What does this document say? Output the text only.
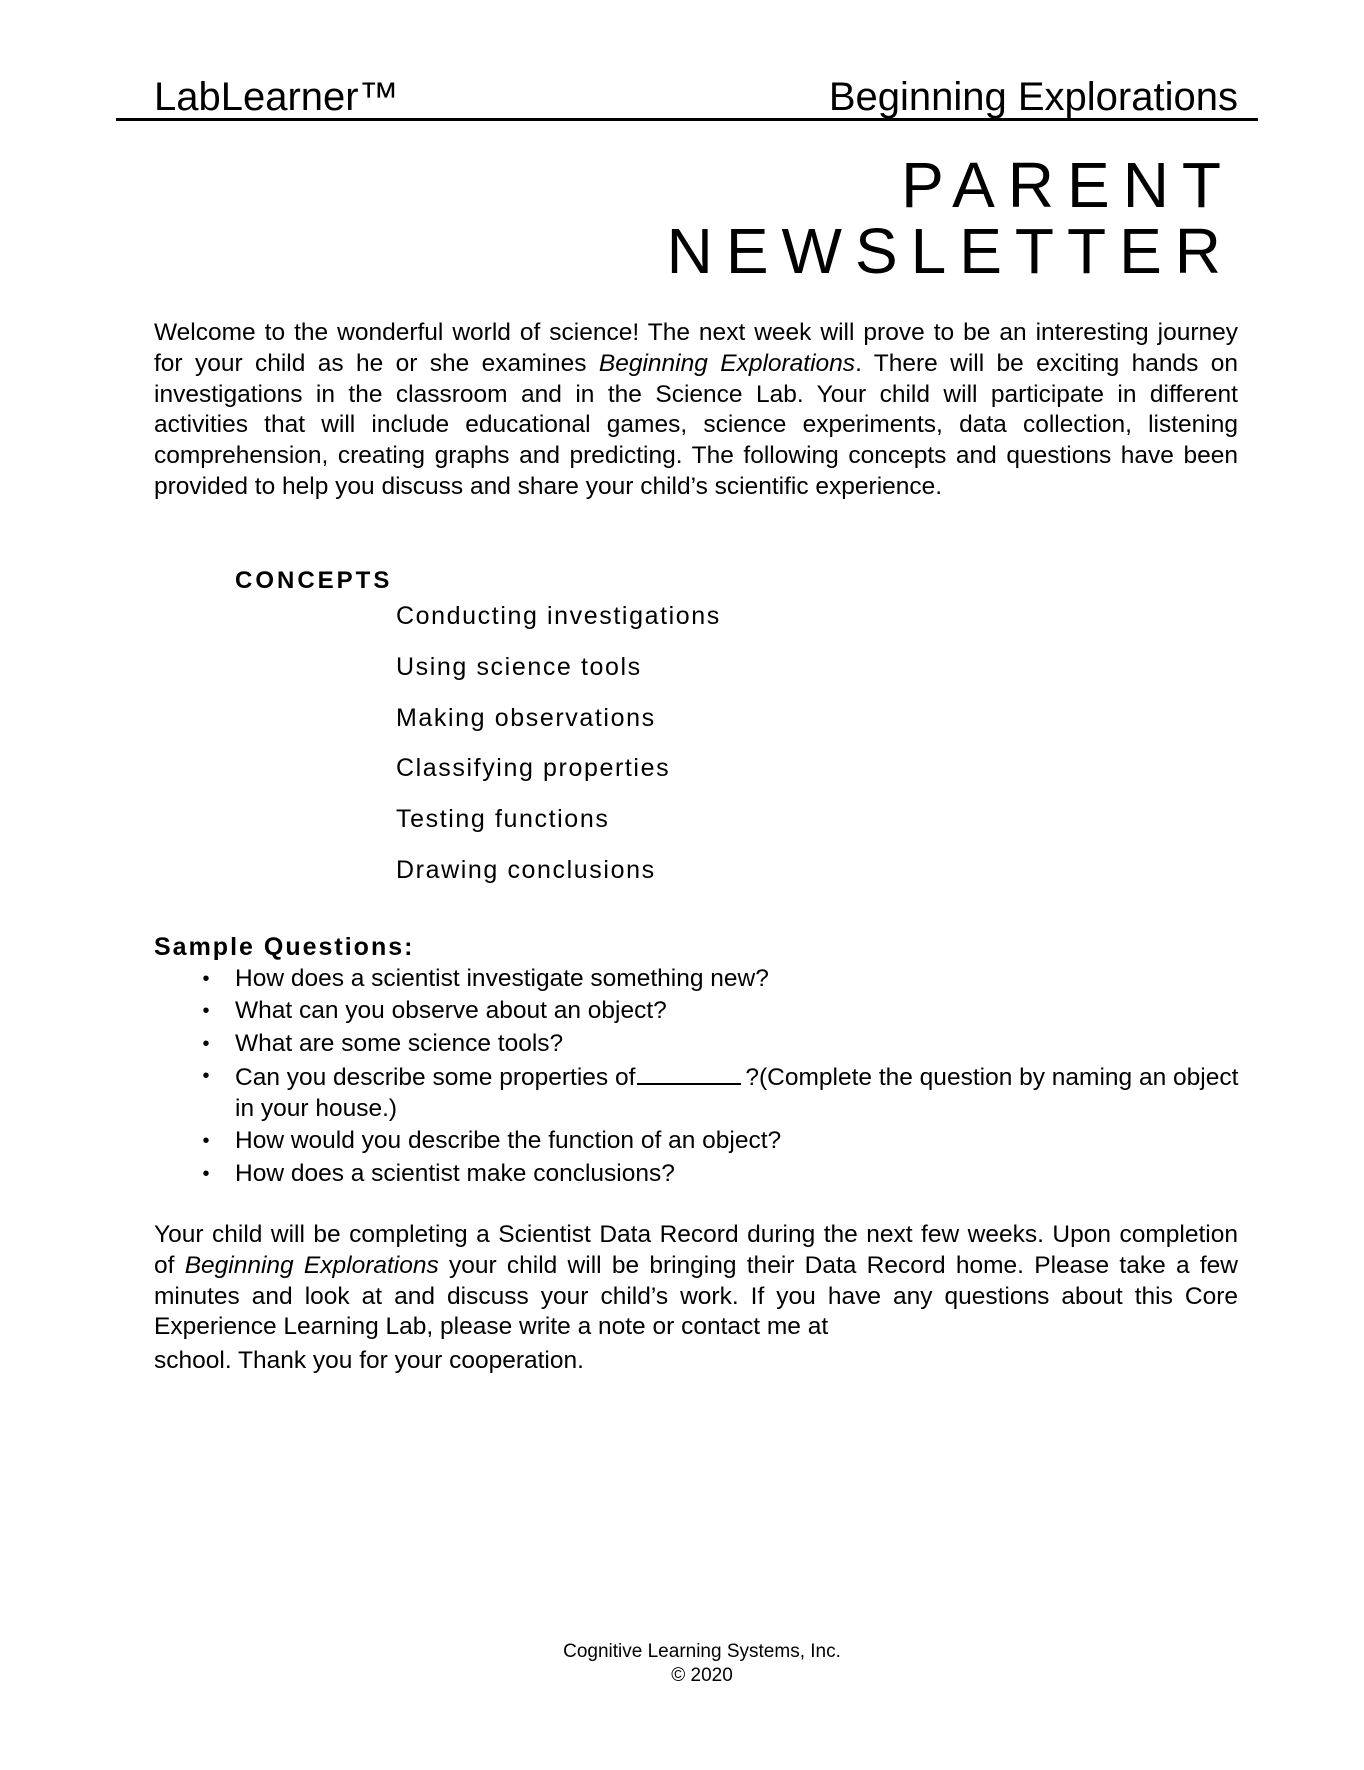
LabLearner™	Beginning Explorations
PARENT
NEWSLETTER

Welcome to the wonderful world of science! The next week will prove to be an interesting journey for your child as he or she examines Beginning Explorations. There will be exciting hands on investigations in the classroom and in the Science Lab. Your child will participate in different activities that will include educational games, science experiments, data collection, listening comprehension, creating graphs and predicting. The following concepts and questions have been provided to help you discuss and share your child’s scientific experience.

CONCEPTS
Conducting investigations
Using science tools
Making observations
Classifying properties
Testing functions
Drawing conclusions
Sample Questions:
• How does a scientist investigate something new?
• What can you observe about an object?
• What are some science tools?
• Can you describe some properties of	?(Complete the question by naming an object in your house.)
• How would you describe the function of an object?
• How does a scientist make conclusions?

Your child will be completing a Scientist Data Record during the next few weeks. Upon completion of Beginning Explorations your child will be bringing their Data Record home. Please take a few minutes and look at and discuss your child’s work. If you have any questions about this Core Experience Learning Lab, please write a note or contact me at
school. Thank you for your cooperation.

Cognitive Learning Systems, Inc.
© 2020
